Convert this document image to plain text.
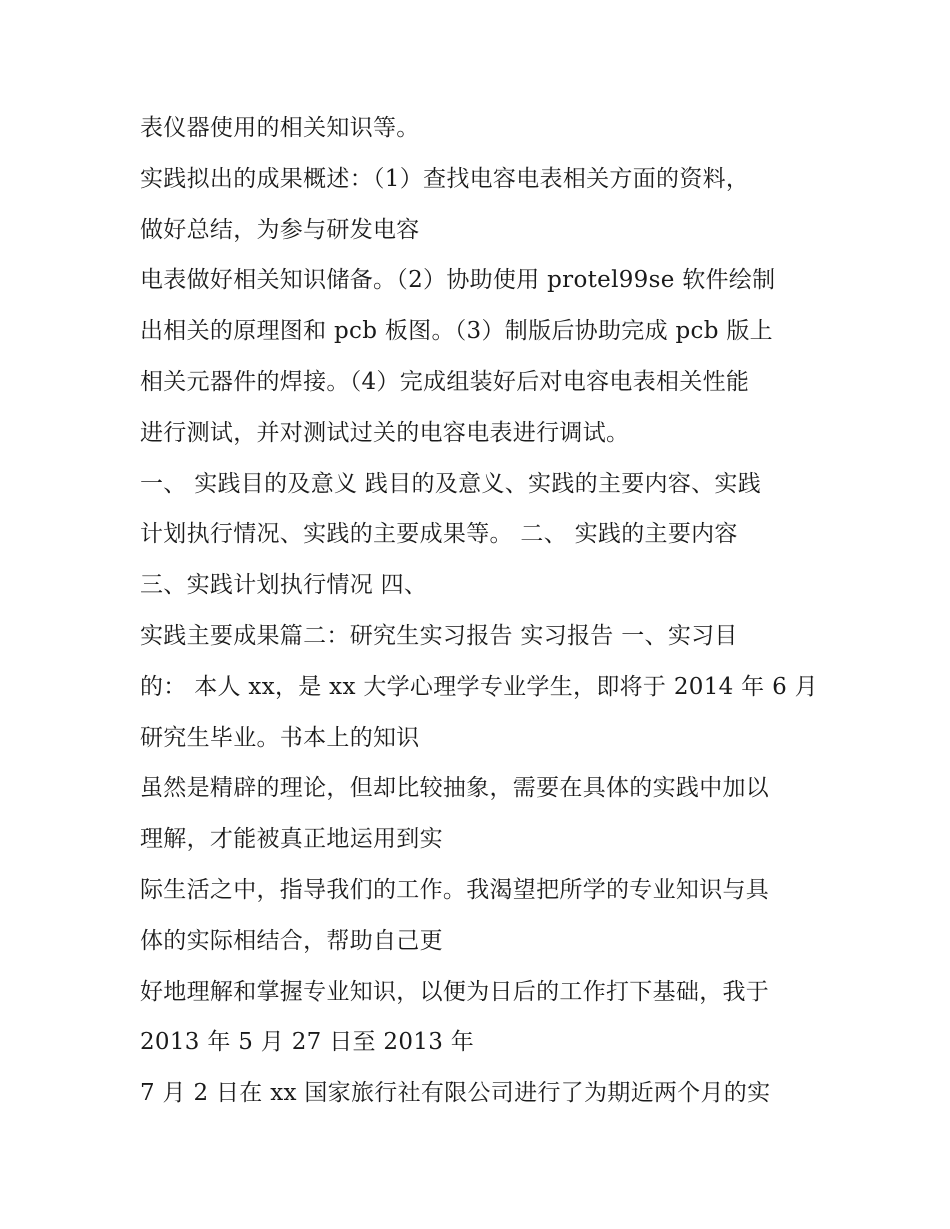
表仪器使用的相关知识等。
实践拟出的成果概述：（1）查找电容电表相关方面的资料，
做好总结，为参与研发电容
电表做好相关知识储备。（2）协助使用 protel99se 软件绘制
出相关的原理图和 pcb 板图。（3）制版后协助完成 pcb 版上
相关元器件的焊接。（4）完成组装好后对电容电表相关性能
进行测试，并对测试过关的电容电表进行调试。
一、 实践目的及意义 践目的及意义、实践的主要内容、实践
计划执行情况、实践的主要成果等。 二、 实践的主要内容
三、实践计划执行情况 四、
实践主要成果篇二：研究生实习报告 实习报告 一、实习目
的： 本人 xx，是 xx 大学心理学专业学生，即将于 2014 年 6 月
研究生毕业。书本上的知识
虽然是精辟的理论，但却比较抽象，需要在具体的实践中加以
理解，才能被真正地运用到实
际生活之中，指导我们的工作。我渴望把所学的专业知识与具
体的实际相结合，帮助自己更
好地理解和掌握专业知识，以便为日后的工作打下基础，我于
2013 年 5 月 27 日至 2013 年
7 月 2 日在 xx 国家旅行社有限公司进行了为期近两个月的实
